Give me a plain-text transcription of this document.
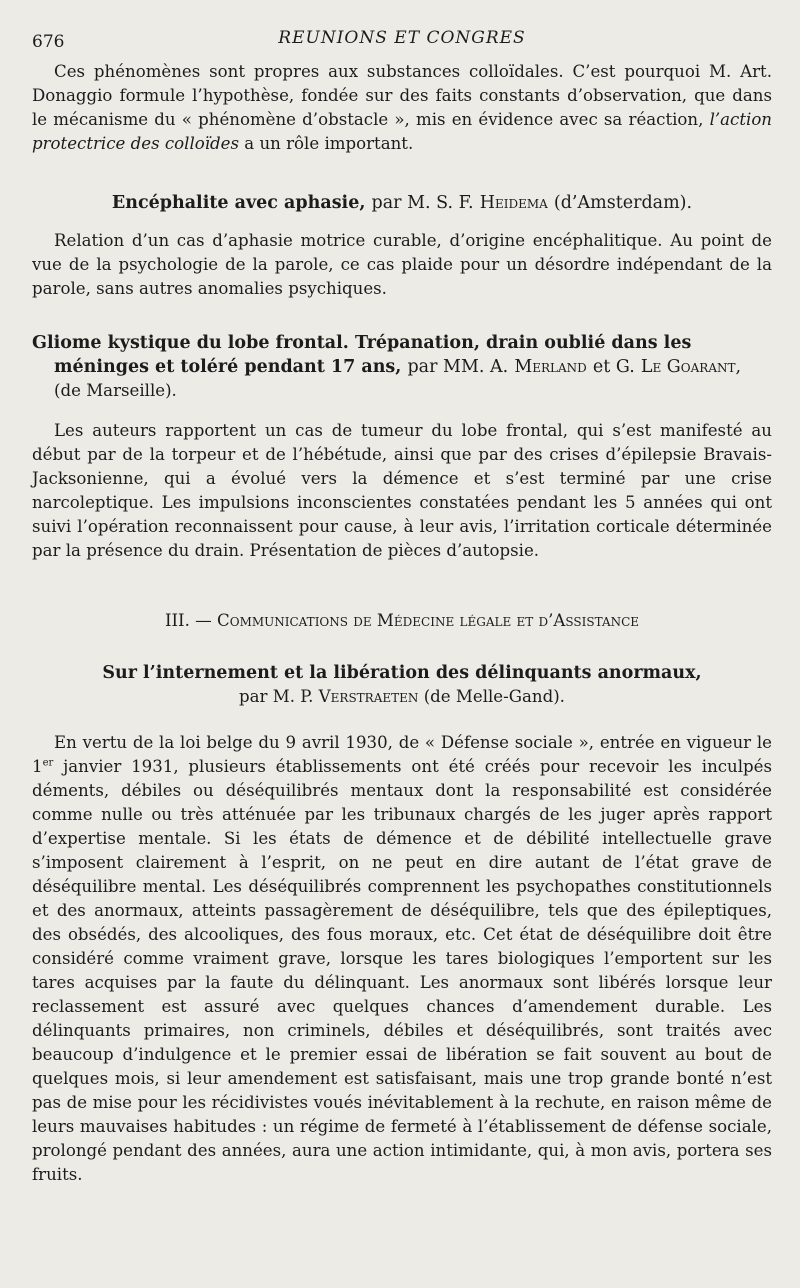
676	REUNIONS ET CONGRES

Ces phénomènes sont propres aux substances colloïdales. C’est pourquoi M. Art. Donaggio formule l’hypothèse, fondée sur des faits constants d’observation, que dans le mécanisme du « phénomène d’obstacle », mis en évidence avec sa réaction, l’action protectrice des colloïdes a un rôle important.

Encéphalite avec aphasie, par M. S. F. Heidema (d’Amsterdam).

Relation d’un cas d’aphasie motrice curable, d’origine encéphalitique. Au point de vue de la psychologie de la parole, ce cas plaide pour un désordre indépendant de la parole, sans autres anomalies psychiques.

Gliome kystique du lobe frontal. Trépanation, drain oublié dans les méninges et toléré pendant 17 ans, par MM. A. Merland et G. Le Goarant,
(de Marseille).

Les auteurs rapportent un cas de tumeur du lobe frontal, qui s’est manifesté au début par de la torpeur et de l’hébétude, ainsi que par des crises d’épilepsie Bravais-Jacksonienne, qui a évolué vers la démence et s’est terminé par une crise narcoleptique. Les impulsions inconscientes constatées pendant les 5 années qui ont suivi l’opération reconnaissent pour cause, à leur avis, l’irritation corticale déterminée par la présence du drain. Présentation de pièces d’autopsie.

III. — Communications de Médecine légale et d’Assistance
Sur l’internement et la libération des délinquants anormaux,
par M. P. Verstraeten (de Melle-Gand).

En vertu de la loi belge du 9 avril 1930, de « Défense sociale », entrée en vigueur le 1er janvier 1931, plusieurs établissements ont été créés pour recevoir les inculpés déments, débiles ou déséquilibrés mentaux dont la responsabilité est considérée comme nulle ou très atténuée par les tribunaux chargés de les juger après rapport d’expertise mentale. Si les états de démence et de débilité intellectuelle grave s’imposent clairement à l’esprit, on ne peut en dire autant de l’état grave de déséquilibre mental. Les déséquilibrés comprennent les psychopathes constitutionnels et des anormaux, atteints passagèrement de déséquilibre, tels que des épileptiques, des obsédés, des alcooliques, des fous moraux, etc. Cet état de déséquilibre doit être considéré comme vraiment grave, lorsque les tares biologiques l’emportent sur les tares acquises par la faute du délinquant. Les anormaux sont libérés lorsque leur reclassement est assuré avec quelques chances d’amendement durable. Les délinquants primaires, non criminels, débiles et déséquilibrés, sont traités avec beaucoup d’indulgence et le premier essai de libération se fait souvent au bout de quelques mois, si leur amendement est satisfaisant, mais une trop grande bonté n’est pas de mise pour les récidivistes voués inévitablement à la rechute, en raison même de leurs mauvaises habitudes : un régime de fermeté à l’établissement de défense sociale, prolongé pendant des années, aura une action intimidante, qui, à mon avis, portera ses fruits.
